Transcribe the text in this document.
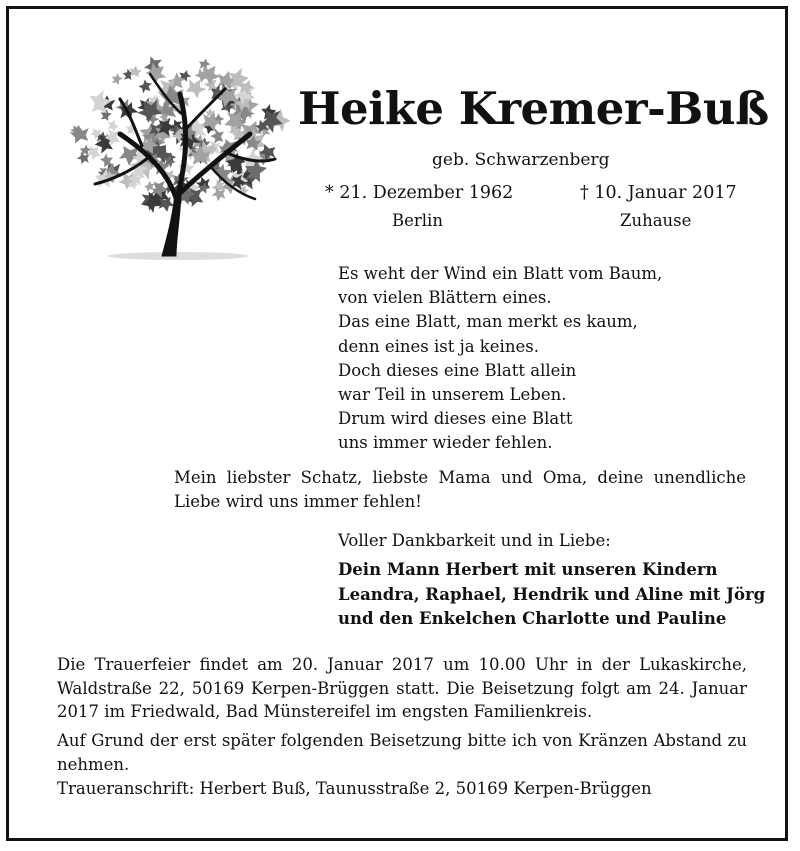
Heike Kremer-Buß
geb. Schwarzenberg
* 21. Dezember 1962	† 10. Januar 2017
Berlin	Zuhause
Es weht der Wind ein Blatt vom Baum,
von vielen Blättern eines.
Das eine Blatt, man merkt es kaum,
denn eines ist ja keines.
Doch dieses eine Blatt allein
war Teil in unserem Leben.
Drum wird dieses eine Blatt
uns immer wieder fehlen.
Mein liebster Schatz, liebste Mama und Oma, deine unendliche Liebe wird uns immer fehlen!
Voller Dankbarkeit und in Liebe:
Dein Mann Herbert mit unseren Kindern
Leandra, Raphael, Hendrik und Aline mit Jörg
und den Enkelchen Charlotte und Pauline
Die Trauerfeier findet am 20. Januar 2017 um 10.00 Uhr in der Lukaskirche, Waldstraße 22, 50169 Kerpen-Brüggen statt. Die Beisetzung folgt am 24. Januar 2017 im Friedwald, Bad Münstereifel im engsten Familienkreis.
Auf Grund der erst später folgenden Beisetzung bitte ich von Kränzen Abstand zu nehmen.
Traueranschrift: Herbert Buß, Taunusstraße 2, 50169 Kerpen-Brüggen
